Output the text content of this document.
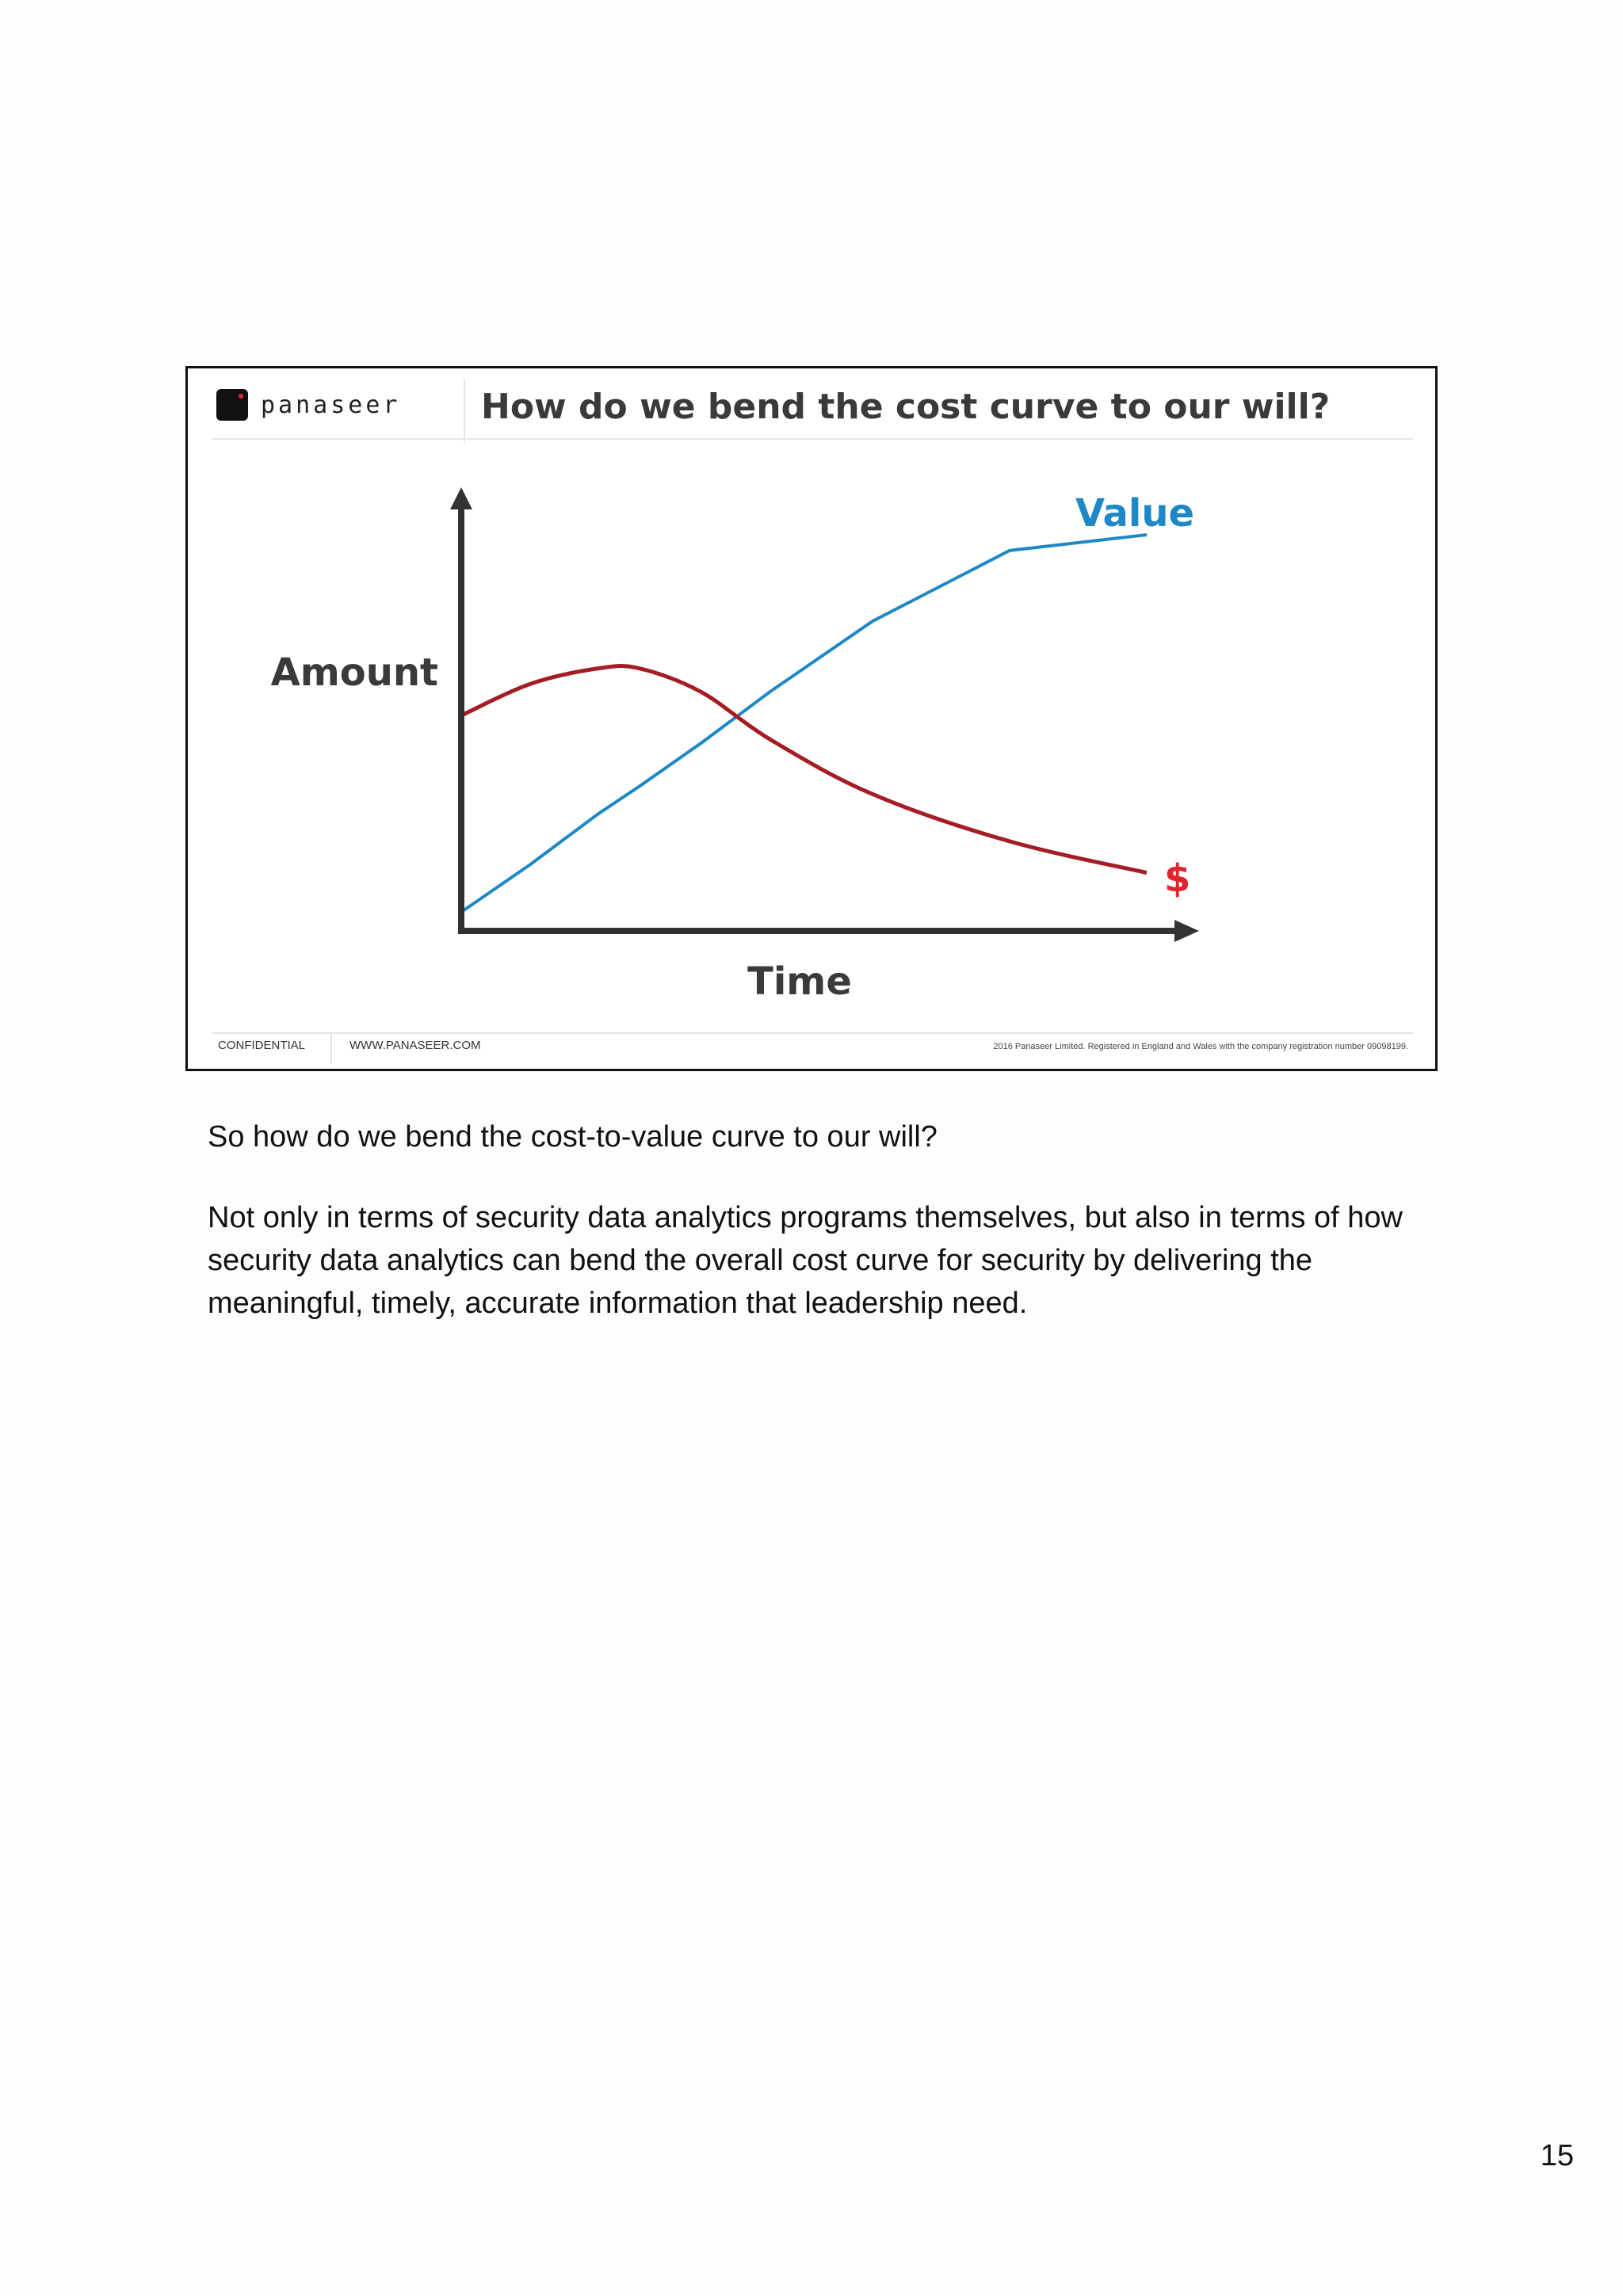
panaseer How do we bend the cost curve to our will?
Amount
Time
Value
$
CONFIDENTIAL	WWW.PANASEER.COM	2016 Panaseer Limited. Registered in England and Wales with the company registration number 09098199.

So how do we bend the cost-to-value curve to our will?

Not only in terms of security data analytics programs themselves, but also in terms of how security data analytics can bend the overall cost curve for security by delivering the meaningful, timely, accurate information that leadership need.

15
